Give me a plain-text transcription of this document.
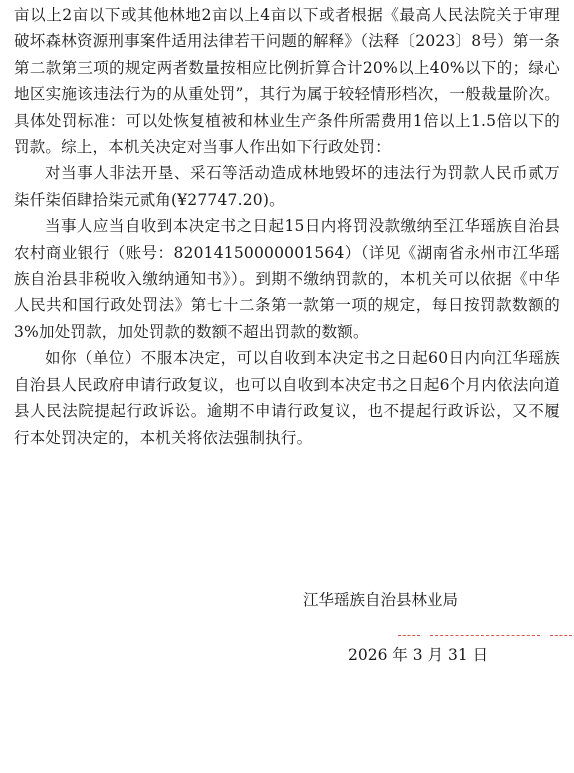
亩以上2亩以下或其他林地2亩以上4亩以下或者根据《最高人民法院关于审理破坏森林资源刑事案件适用法律若干问题的解释》（法释〔2023〕8号）第一条第二款第三项的规定两者数量按相应比例折算合计20%以上40%以下的；绿心地区实施该违法行为的从重处罚”，其行为属于较轻情形档次，一般裁量阶次。具体处罚标准：可以处恢复植被和林业生产条件所需费用1倍以上1.5倍以下的罚款。综上，本机关决定对当事人作出如下行政处罚：

对当事人非法开垦、采石等活动造成林地毁坏的违法行为罚款人民币贰万柒仟柒佰肆拾柒元贰角(¥27747.20)。

当事人应当自收到本决定书之日起15日内将罚没款缴纳至江华瑶族自治县农村商业银行（账号：82014150000001564）（详见《湖南省永州市江华瑶族自治县非税收入缴纳通知书》）。到期不缴纳罚款的，本机关可以依据《中华人民共和国行政处罚法》第七十二条第一款第一项的规定，每日按罚款数额的3%加处罚款，加处罚款的数额不超出罚款的数额。

如你（单位）不服本决定，可以自收到本决定书之日起60日内向江华瑶族自治县人民政府申请行政复议，也可以自收到本决定书之日起6个月内依法向道县人民法院提起行政诉讼。逾期不申请行政复议，也不提起行政诉讼，又不履行本处罚决定的，本机关将依法强制执行。

江华瑶族自治县林业局
2026 年 3 月 31 日
